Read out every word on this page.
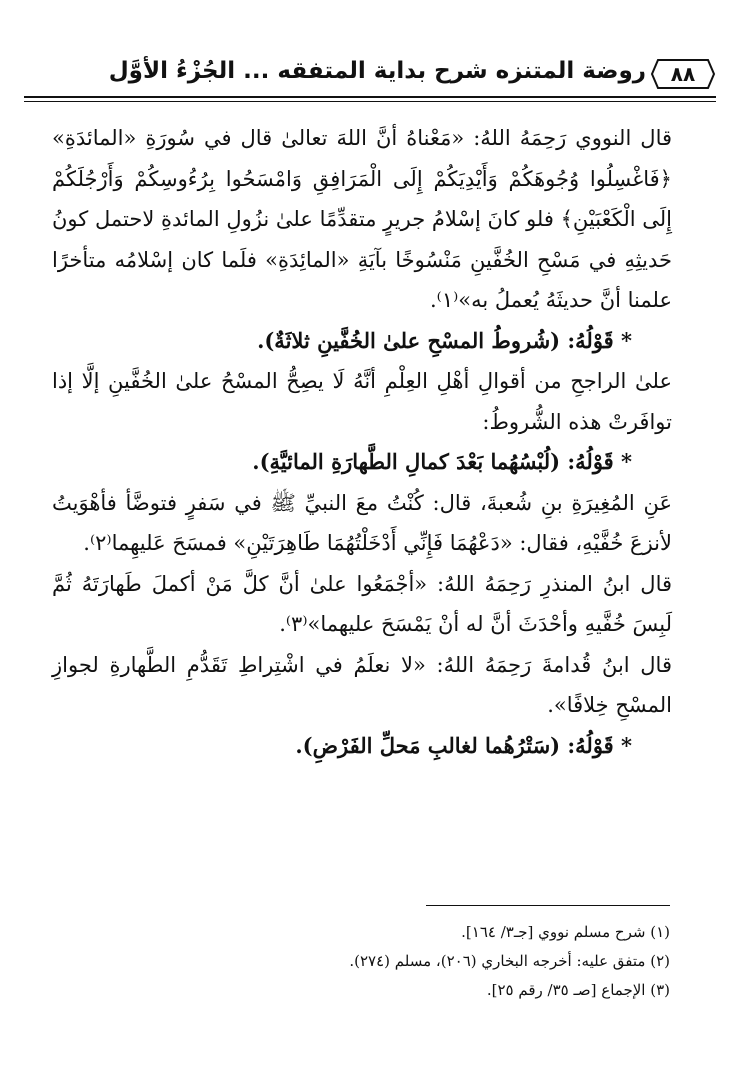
٨٨
روضة المتنزه شرح بداية المتفقه ... الجُزْءُ الأوَّل

قال النووي رَحِمَهُ اللهُ: «مَعْناهُ أنَّ اللهَ تعالىٰ قال في سُورَةِ «المائدَةِ» ﴿فَاغْسِلُوا وُجُوهَكُمْ وَأَيْدِيَكُمْ إِلَى الْمَرَافِقِ وَامْسَحُوا بِرُءُوسِكُمْ وَأَرْجُلَكُمْ إِلَى الْكَعْبَيْنِ﴾ فلو كانَ إسْلامُ جريرٍ متقدِّمًا علىٰ نزُولِ المائدةِ لاحتمل كونُ حَديثِهِ في مَسْحِ الخُفَّينِ مَنْسُوخًا بآيَةِ «المائِدَةِ» فلَما كان إسْلامُه متأخرًا علمنا أنَّ حديثَهُ يُعملُ به»⁽١⁾.

* قَوْلُهُ: (شُروطُ المسْحِ علىٰ الخُفَّينِ ثلاثَةٌ).

علىٰ الراجحِ من أقوالِ أهْلِ العِلْمِ أنَّهُ لَا يصِحُّ المسْحُ علىٰ الخُفَّينِ إلَّا إذا توافَرتْ هذه الشُّروطُ:

* قَوْلُهُ: (لُبْسُهُما بَعْدَ كمالِ الطَّهارَةِ المائيَّةِ).

عَنِ المُغِيرَةِ بنِ شُعبةَ، قال: كُنْتُ معَ النبيِّ ﷺ في سَفرٍ فتوضَّأ فأهْوَيتُ لأنزعَ خُفَّيْهِ، فقال: «دَعْهُمَا فَإِنِّي أَدْخَلْتُهُمَا طَاهِرَتَيْنِ» فمسَحَ عَليهِما⁽٢⁾.

قال ابنُ المنذرِ رَحِمَهُ اللهُ: «أجْمَعُوا علىٰ أنَّ كلَّ مَنْ أكملَ طَهارَتَهُ ثُمَّ لَبِسَ خُفَّيهِ وأحْدَثَ أنَّ له أنْ يَمْسَحَ عليهما»⁽٣⁾.

قال ابنُ قُدامةَ رَحِمَهُ اللهُ: «لا نعلَمُ في اشْتِراطِ تَقَدُّمِ الطَّهارةِ لجوازِ المسْحِ خِلافًا».

* قَوْلُهُ: (سَتْرُهُما لغالبِ مَحلِّ الفَرْضِ).

(١) شرح مسلم نووي [جـ٣/ ١٦٤].

(٢) متفق عليه: أخرجه البخاري (٢٠٦)، مسلم (٢٧٤).

(٣) الإجماع [صـ ٣٥/ رقم ٢٥].
